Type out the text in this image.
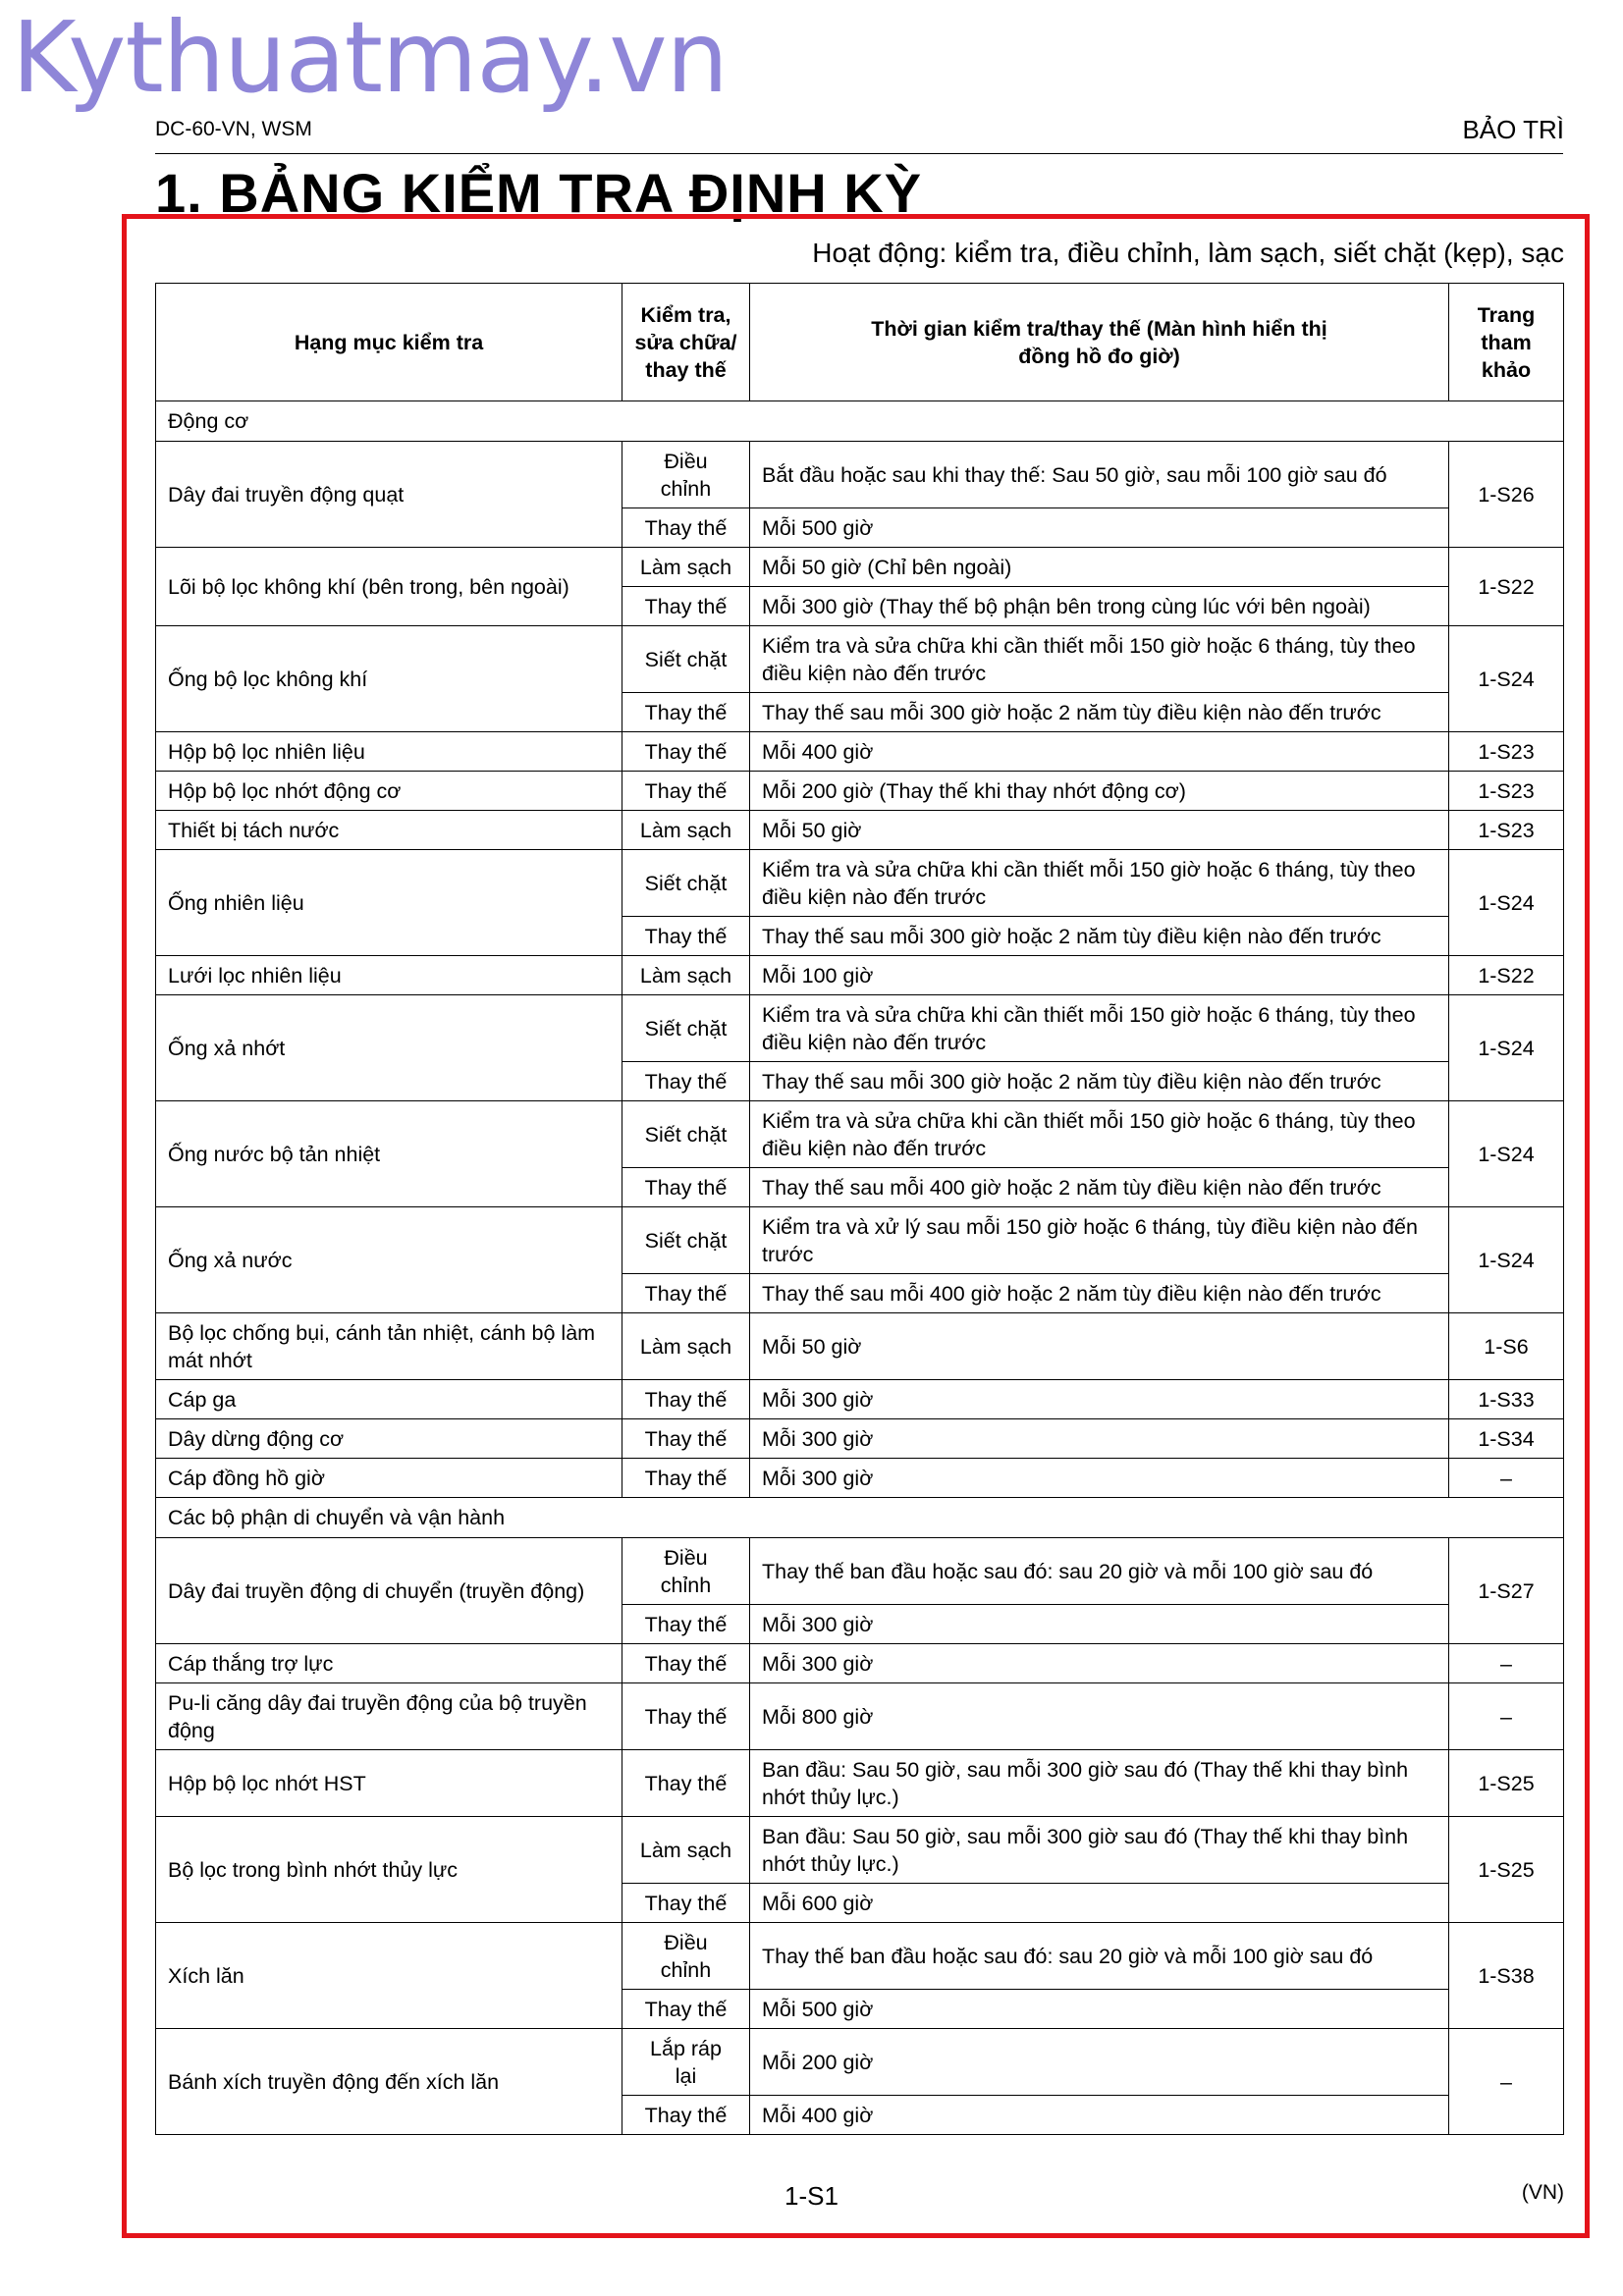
Kythuatmay.vn
DC-60-VN, WSM	BẢO TRÌ
1. BẢNG KIỂM TRA ĐỊNH KỲ
Hoạt động: kiểm tra, điều chỉnh, làm sạch, siết chặt (kẹp), sạc
Hạng mục kiểm tra	Kiểm tra, sửa chữa/ thay thế	Thời gian kiểm tra/thay thế (Màn hình hiển thị đồng hồ đo giờ)	Trang tham khảo
Động cơ			
Dây đai truyền động quạt	Điều chỉnh	Bắt đầu hoặc sau khi thay thế: Sau 50 giờ, sau mỗi 100 giờ sau đó	1-S26
	Thay thế	Mỗi 500 giờ	
Lõi bộ lọc không khí (bên trong, bên ngoài)	Làm sạch	Mỗi 50 giờ (Chỉ bên ngoài)	1-S22
	Thay thế	Mỗi 300 giờ (Thay thế bộ phận bên trong cùng lúc với bên ngoài)	
Ống bộ lọc không khí	Siết chặt	Kiểm tra và sửa chữa khi cần thiết mỗi 150 giờ hoặc 6 tháng, tùy theo điều kiện nào đến trước	1-S24
	Thay thế	Thay thế sau mỗi 300 giờ hoặc 2 năm tùy điều kiện nào đến trước	
Hộp bộ lọc nhiên liệu	Thay thế	Mỗi 400 giờ	1-S23
Hộp bộ lọc nhớt động cơ	Thay thế	Mỗi 200 giờ (Thay thế khi thay nhớt động cơ)	1-S23
Thiết bị tách nước	Làm sạch	Mỗi 50 giờ	1-S23
Ống nhiên liệu	Siết chặt	Kiểm tra và sửa chữa khi cần thiết mỗi 150 giờ hoặc 6 tháng, tùy theo điều kiện nào đến trước	1-S24
	Thay thế	Thay thế sau mỗi 300 giờ hoặc 2 năm tùy điều kiện nào đến trước	
Lưới lọc nhiên liệu	Làm sạch	Mỗi 100 giờ	1-S22
Ống xả nhớt	Siết chặt	Kiểm tra và sửa chữa khi cần thiết mỗi 150 giờ hoặc 6 tháng, tùy theo điều kiện nào đến trước	1-S24
	Thay thế	Thay thế sau mỗi 300 giờ hoặc 2 năm tùy điều kiện nào đến trước	
Ống nước bộ tản nhiệt	Siết chặt	Kiểm tra và sửa chữa khi cần thiết mỗi 150 giờ hoặc 6 tháng, tùy theo điều kiện nào đến trước	1-S24
	Thay thế	Thay thế sau mỗi 400 giờ hoặc 2 năm tùy điều kiện nào đến trước	
Ống xả nước	Siết chặt	Kiểm tra và xử lý sau mỗi 150 giờ hoặc 6 tháng, tùy điều kiện nào đến trước	1-S24
	Thay thế	Thay thế sau mỗi 400 giờ hoặc 2 năm tùy điều kiện nào đến trước	
Bộ lọc chống bụi, cánh tản nhiệt, cánh bộ làm mát nhớt	Làm sạch	Mỗi 50 giờ	1-S6
Cáp ga	Thay thế	Mỗi 300 giờ	1-S33
Dây dừng động cơ	Thay thế	Mỗi 300 giờ	1-S34
Cáp đồng hồ giờ	Thay thế	Mỗi 300 giờ	–
Các bộ phận di chuyển và vận hành			
Dây đai truyền động di chuyển (truyền động)	Điều chỉnh	Thay thế ban đầu hoặc sau đó: sau 20 giờ và mỗi 100 giờ sau đó	1-S27
	Thay thế	Mỗi 300 giờ	
Cáp thắng trợ lực	Thay thế	Mỗi 300 giờ	–
Pu-li căng dây đai truyền động của bộ truyền động	Thay thế	Mỗi 800 giờ	–
Hộp bộ lọc nhớt HST	Thay thế	Ban đầu: Sau 50 giờ, sau mỗi 300 giờ sau đó (Thay thế khi thay bình nhớt thủy lực.)	1-S25
Bộ lọc trong bình nhớt thủy lực	Làm sạch	Ban đầu: Sau 50 giờ, sau mỗi 300 giờ sau đó (Thay thế khi thay bình nhớt thủy lực.)	1-S25
	Thay thế	Mỗi 600 giờ	
Xích lăn	Điều chỉnh	Thay thế ban đầu hoặc sau đó: sau 20 giờ và mỗi 100 giờ sau đó	1-S38
	Thay thế	Mỗi 500 giờ	
Bánh xích truyền động đến xích lăn	Lắp ráp lại	Mỗi 200 giờ	–
	Thay thế	Mỗi 400 giờ	
1-S1	(VN)
